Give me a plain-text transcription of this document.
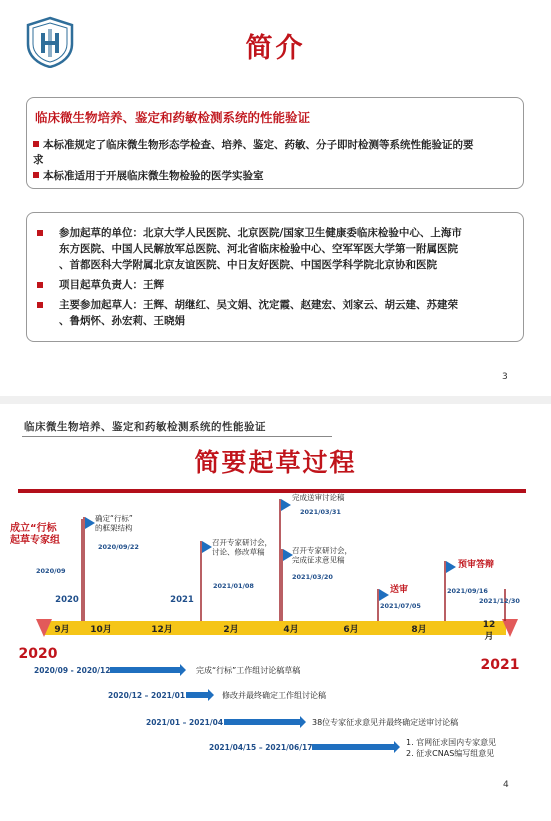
简介
临床微生物培养、鉴定和药敏检测系统的性能验证
本标准规定了临床微生物形态学检查、培养、鉴定、药敏、分子即时检测等系统性能验证的要
求
本标准适用于开展临床微生物检验的医学实验室
参加起草的单位：北京大学人民医院、北京医院/国家卫生健康委临床检验中心、上海市
东方医院、中国人民解放军总医院、河北省临床检验中心、空军军医大学第一附属医院
、首都医科大学附属北京友谊医院、中日友好医院、中国医学科学院北京协和医院
项目起草负责人：王辉
主要参加起草人：王辉、胡继红、吴文娟、沈定霞、赵建宏、刘家云、胡云建、苏建荣
、鲁炳怀、孙宏莉、王晓娟
3
临床微生物培养、鉴定和药敏检测系统的性能验证
简要起草过程
9月 10月	12月	2月	4月	6月	8月	12
月
2020	2021
2020
2021
成立“行标起草专家组
2020/09
确定“行标”的框架结构
2020/09/22	召开专家研讨会，讨论、修改草稿
2021/01/08
完成送审讨论稿
2021/03/31
召开专家研讨会，完成征求意见稿
2021/03/20
送审
2021/07/05
预审答辩
2021/09/16
2021/12/30
2020/09 - 2020/12	完成“行标”工作组讨论稿草稿
2020/12 – 2021/01	修改并最终确定工作组讨论稿
2021/01 – 2021/04	38位专家征求意见并最终确定送审讨论稿
2021/04/15 – 2021/06/17
1. 官网征求国内专家意见 2. 征求CNAS编写组意见
4
